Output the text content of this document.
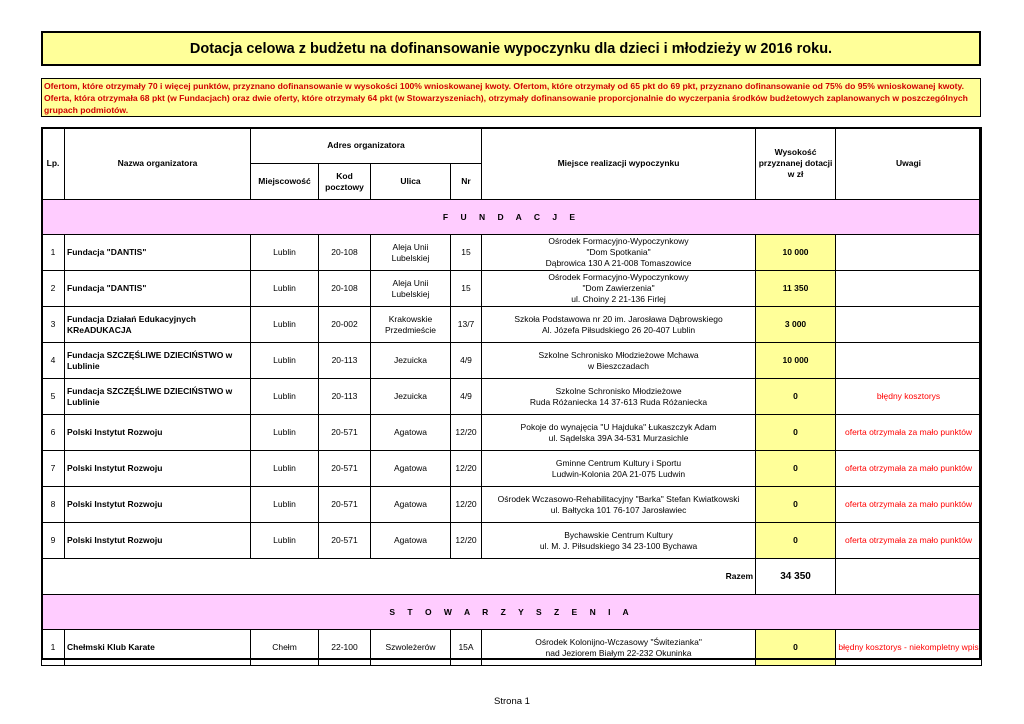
Dotacja celowa z budżetu na dofinansowanie wypoczynku dla dzieci i młodzieży w 2016 roku.
Ofertom, które otrzymały 70 i więcej punktów, przyznano dofinansowanie w wysokości 100% wnioskowanej kwoty. Ofertom, które otrzymały od 65 pkt do 69 pkt, przyznano dofinansowanie od 75% do 95% wnioskowanej kwoty. Oferta, która otrzymała 68 pkt (w Fundacjach) oraz dwie oferty, które otrzymały 64 pkt (w Stowarzyszeniach), otrzymały dofinansowanie proporcjonalnie do wyczerpania środków budżetowych zaplanowanych w poszczególnych grupach podmiotów.
Lp.	Nazwa organizatora	Adres organizatora				Miejsce realizacji wypoczynku	Wysokość przyznanej dotacji w zł	Uwagi
		Miejscowość	Kod pocztowy	Ulica	Nr			
F U N D A C J E								
1	Fundacja "DANTIS"	Lublin	20-108	Aleja Unii Lubelskiej	15	Ośrodek Formacyjno-Wypoczynkowy
"Dom Spotkania"
Dąbrowica 130 A 21-008 Tomaszowice	10 000	
2	Fundacja "DANTIS"	Lublin	20-108	Aleja Unii Lubelskiej	15	Ośrodek Formacyjno-Wypoczynkowy
"Dom Zawierzenia"
ul. Choiny 2 21-136 Firlej	11 350	
3	Fundacja Działań Edukacyjnych KReADUKACJA	Lublin	20-002	Krakowskie Przedmieście	13/7	Szkoła Podstawowa nr 20 im. Jarosława Dąbrowskiego
Al. Józefa Piłsudskiego 26 20-407 Lublin	3 000	
4	Fundacja SZCZĘŚLIWE DZIECIŃSTWO w Lublinie	Lublin	20-113	Jezuicka	4/9	Szkolne Schronisko Młodzieżowe Mchawa
w Bieszczadach	10 000	
5	Fundacja SZCZĘŚLIWE DZIECIŃSTWO w Lublinie	Lublin	20-113	Jezuicka	4/9	Szkolne Schronisko Młodzieżowe
Ruda Różaniecka 14 37-613 Ruda Różaniecka	0	błędny kosztorys
6	Polski Instytut Rozwoju	Lublin	20-571	Agatowa	12/20	Pokoje do wynajęcia "U Hajduka" Łukaszczyk Adam
ul. Sądelska 39A 34-531 Murzasichle	0	oferta otrzymała za mało punktów
7	Polski Instytut Rozwoju	Lublin	20-571	Agatowa	12/20	Gminne Centrum Kultury i Sportu
Ludwin-Kolonia 20A 21-075 Ludwin	0	oferta otrzymała za mało punktów
8	Polski Instytut Rozwoju	Lublin	20-571	Agatowa	12/20	Ośrodek Wczasowo-Rehabilitacyjny "Barka" Stefan Kwiatkowski
ul. Bałtycka 101 76-107 Jarosławiec	0	oferta otrzymała za mało punktów
9	Polski Instytut Rozwoju	Lublin	20-571	Agatowa	12/20	Bychawskie Centrum Kultury
ul. M. J. Piłsudskiego 34 23-100 Bychawa	0	oferta otrzymała za mało punktów
Razem							34 350	
S T O W A R Z Y S Z E N I A								
1	Chełmski Klub Karate	Chełm	22-100	Szwoleżerów	15A	Ośrodek Kolonijno-Wczasowy "Świtezianka"
nad Jeziorem Białym 22-232 Okuninka	0	błędny kosztorys - niekompletny wpis
Strona 1
